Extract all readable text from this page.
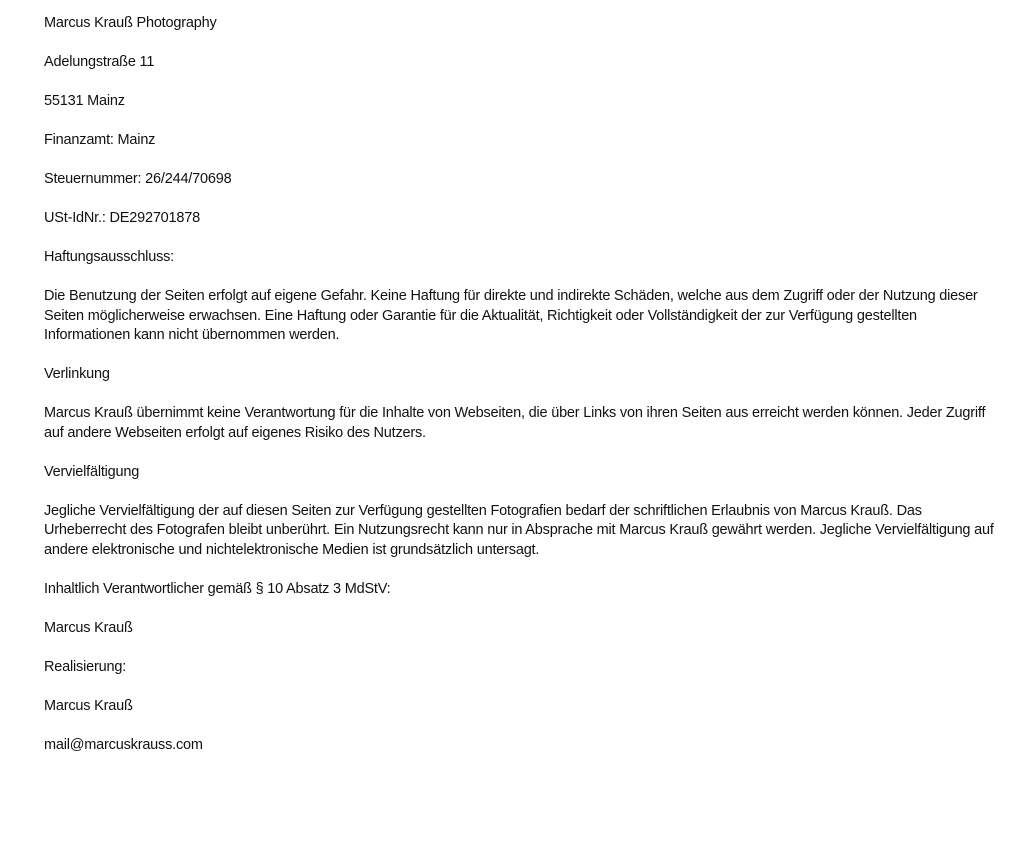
Marcus Krauß Photography

Adelungstraße 11

55131 Mainz

Finanzamt: Mainz

Steuernummer: 26/244/70698

USt-IdNr.: DE292701878

Haftungsausschluss:

Die Benutzung der Seiten erfolgt auf eigene Gefahr. Keine Haftung für direkte und indirekte Schäden, welche aus dem Zugriff oder der Nutzung dieser Seiten möglicherweise erwachsen. Eine Haftung oder Garantie für die Aktualität, Richtigkeit oder Vollständigkeit der zur Verfügung gestellten Informationen kann nicht übernommen werden.

Verlinkung

Marcus Krauß übernimmt keine Verantwortung für die Inhalte von Webseiten, die über Links von ihren Seiten aus erreicht werden können. Jeder Zugriff auf andere Webseiten erfolgt auf eigenes Risiko des Nutzers.

Vervielfältigung

Jegliche Vervielfältigung der auf diesen Seiten zur Verfügung gestellten Fotografien bedarf der schriftlichen Erlaubnis von Marcus Krauß. Das Urheberrecht des Fotografen bleibt unberührt. Ein Nutzungsrecht kann nur in Absprache mit Marcus Krauß gewährt werden. Jegliche Vervielfältigung auf andere elektronische und nichtelektronische Medien ist grundsätzlich untersagt.

Inhaltlich Verantwortlicher gemäß § 10 Absatz 3 MdStV:

Marcus Krauß

Realisierung:

Marcus Krauß

mail@marcuskrauss.com
